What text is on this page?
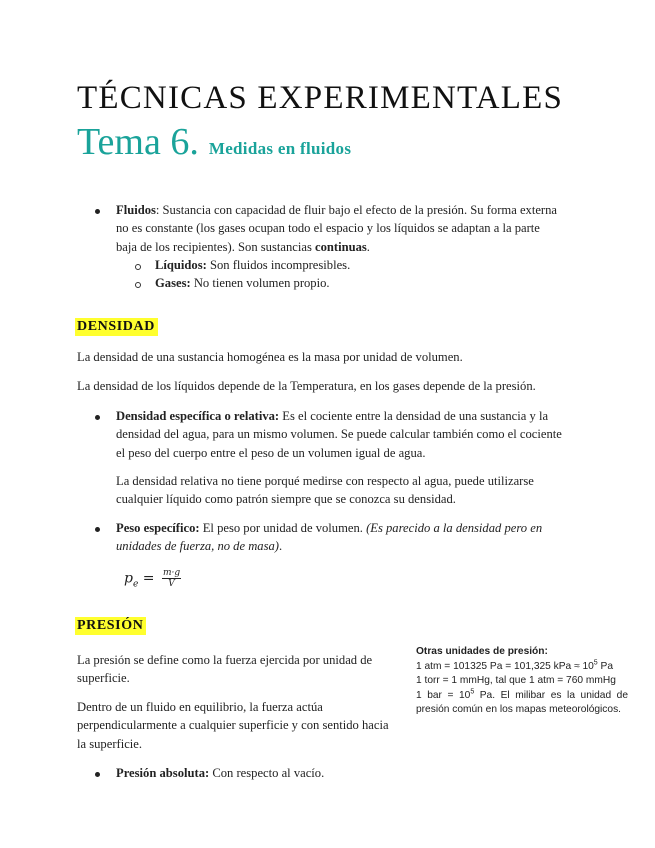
TÉCNICAS EXPERIMENTALES
Tema 6. Medidas en fluidos
Fluidos: Sustancia con capacidad de fluir bajo el efecto de la presión. Su forma externa
no es constante (los gases ocupan todo el espacio y los líquidos se adaptan a la parte
baja de los recipientes). Son sustancias continuas.
Líquidos: Son fluidos incompresibles.
Gases: No tienen volumen propio.
DENSIDAD
La densidad de una sustancia homogénea es la masa por unidad de volumen.
La densidad de los líquidos depende de la Temperatura, en los gases depende de la presión.
Densidad específica o relativa: Es el cociente entre la densidad de una sustancia y la
densidad del agua, para un mismo volumen. Se puede calcular también como el cociente
el peso del cuerpo entre el peso de un volumen igual de agua.
La densidad relativa no tiene porqué medirse con respecto al agua, puede utilizarse
cualquier líquido como patrón siempre que se conozca su densidad.
Peso específico: El peso por unidad de volumen. (Es parecido a la densidad pero en
unidades de fuerza, no de masa).
$p_e = \frac{m\cdot g}{V}$
PRESIÓN
La presión se define como la fuerza ejercida por unidad de
superficie.
Dentro de un fluido en equilibrio, la fuerza actúa
perpendicularmente a cualquier superficie y con sentido hacia
la superficie.
Presión absoluta: Con respecto al vacío.
Otras unidades de presión:
1 atm = 101325 Pa = 101,325 kPa ≈ $10^5$ Pa
1 torr = 1 mmHg, tal que 1 atm = 760 mmHg
1 bar = $10^5$ Pa. El milibar es la unidad de presión común en los mapas meteorológicos.
